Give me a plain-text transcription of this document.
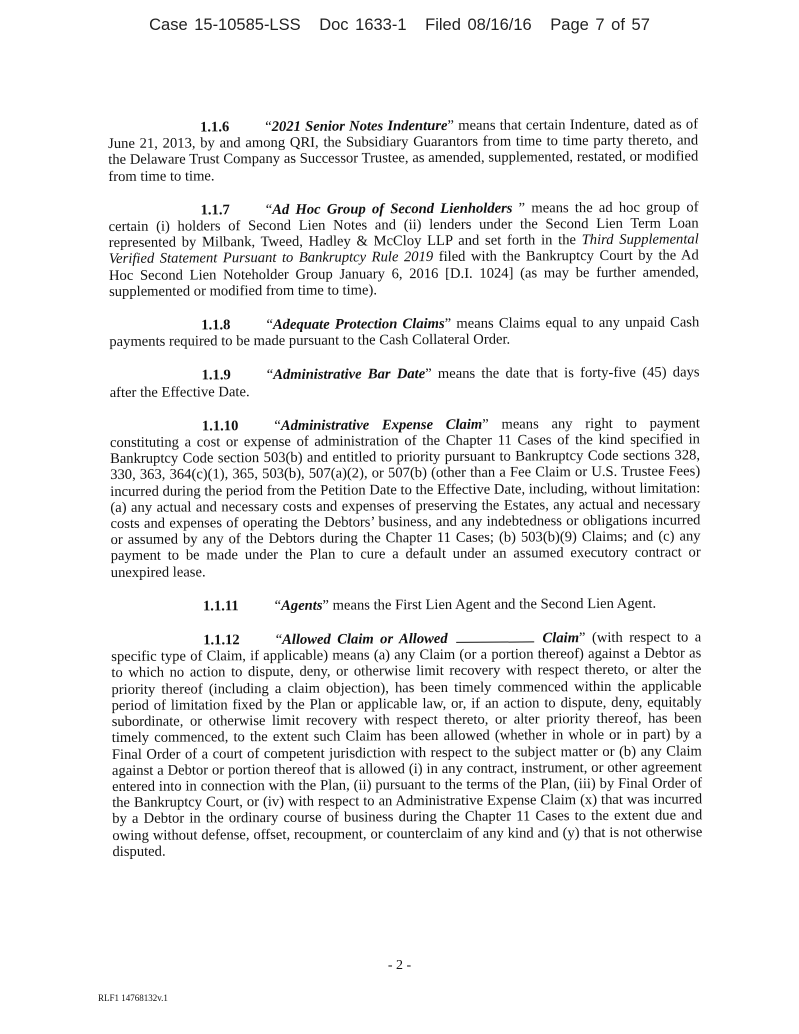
Case 15-10585-LSS Doc 1633-1 Filed 08/16/16 Page 7 of 57

1.1.6 “2021 Senior Notes Indenture” means that certain Indenture, dated as of June 21, 2013, by and among QRI, the Subsidiary Guarantors from time to time party thereto, and the Delaware Trust Company as Successor Trustee, as amended, supplemented, restated, or modified from time to time.

1.1.7 “Ad Hoc Group of Second Lienholders ” means the ad hoc group of certain (i) holders of Second Lien Notes and (ii) lenders under the Second Lien Term Loan represented by Milbank, Tweed, Hadley & McCloy LLP and set forth in the Third Supplemental Verified Statement Pursuant to Bankruptcy Rule 2019 filed with the Bankruptcy Court by the Ad Hoc Second Lien Noteholder Group January 6, 2016 [D.I. 1024] (as may be further amended, supplemented or modified from time to time).

1.1.8 “Adequate Protection Claims” means Claims equal to any unpaid Cash payments required to be made pursuant to the Cash Collateral Order.

1.1.9 “Administrative Bar Date” means the date that is forty-five (45) days after the Effective Date.

1.1.10 “Administrative Expense Claim” means any right to payment constituting a cost or expense of administration of the Chapter 11 Cases of the kind specified in Bankruptcy Code section 503(b) and entitled to priority pursuant to Bankruptcy Code sections 328, 330, 363, 364(c)(1), 365, 503(b), 507(a)(2), or 507(b) (other than a Fee Claim or U.S. Trustee Fees) incurred during the period from the Petition Date to the Effective Date, including, without limitation: (a) any actual and necessary costs and expenses of preserving the Estates, any actual and necessary costs and expenses of operating the Debtors’ business, and any indebtedness or obligations incurred or assumed by any of the Debtors during the Chapter 11 Cases; (b) 503(b)(9) Claims; and (c) any payment to be made under the Plan to cure a default under an assumed executory contract or unexpired lease.

1.1.11 “Agents” means the First Lien Agent and the Second Lien Agent.

1.1.12 “Allowed Claim or Allowed	Claim” (with respect to a specific type of Claim, if applicable) means (a) any Claim (or a portion thereof) against a Debtor as to which no action to dispute, deny, or otherwise limit recovery with respect thereto, or alter the priority thereof (including a claim objection), has been timely commenced within the applicable period of limitation fixed by the Plan or applicable law, or, if an action to dispute, deny, equitably subordinate, or otherwise limit recovery with respect thereto, or alter priority thereof, has been timely commenced, to the extent such Claim has been allowed (whether in whole or in part) by a Final Order of a court of competent jurisdiction with respect to the subject matter or (b) any Claim against a Debtor or portion thereof that is allowed (i) in any contract, instrument, or other agreement entered into in connection with the Plan, (ii) pursuant to the terms of the Plan, (iii) by Final Order of the Bankruptcy Court, or (iv) with respect to an Administrative Expense Claim (x) that was incurred by a Debtor in the ordinary course of business during the Chapter 11 Cases to the extent due and owing without defense, offset, recoupment, or counterclaim of any kind and (y) that is not otherwise disputed.

- 2 -
RLF1 14768132v.1
